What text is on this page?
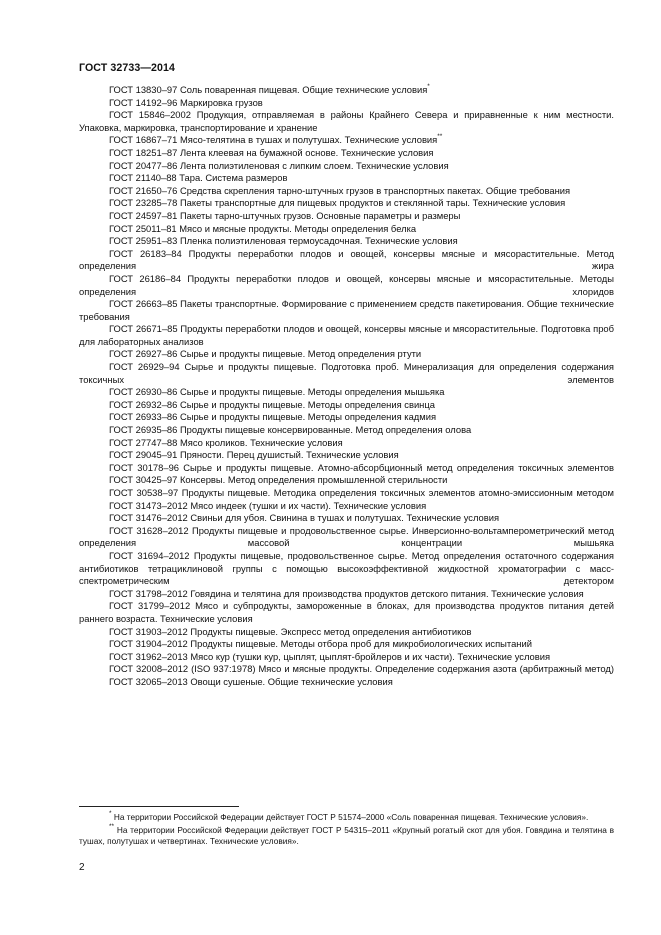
ГОСТ 32733—2014
ГОСТ 13830–97 Соль поваренная пищевая. Общие технические условия*
ГОСТ 14192–96 Маркировка грузов
ГОСТ 15846–2002 Продукция, отправляемая в районы Крайнего Севера и приравненные к ним местности. Упаковка, маркировка, транспортирование и хранение
ГОСТ 16867–71 Мясо-телятина в тушах и полутушах. Технические условия**
ГОСТ 18251–87 Лента клеевая на бумажной основе. Технические условия
ГОСТ 20477–86 Лента полиэтиленовая с липким слоем. Технические условия
ГОСТ 21140–88 Тара. Система размеров
ГОСТ 21650–76 Средства скрепления тарно-штучных грузов в транспортных пакетах. Общие требования
ГОСТ 23285–78 Пакеты транспортные для пищевых продуктов и стеклянной тары. Технические условия
ГОСТ 24597–81 Пакеты тарно-штучных грузов. Основные параметры и размеры
ГОСТ 25011–81 Мясо и мясные продукты. Методы определения белка
ГОСТ 25951–83 Пленка полиэтиленовая термоусадочная. Технические условия
ГОСТ 26183–84 Продукты переработки плодов и овощей, консервы мясные и мясорастительные. Метод определения жира
ГОСТ 26186–84 Продукты переработки плодов и овощей, консервы мясные и мясорастительные. Методы определения хлоридов
ГОСТ 26663–85 Пакеты транспортные. Формирование с применением средств пакетирования. Общие технические требования
ГОСТ 26671–85 Продукты переработки плодов и овощей, консервы мясные и мясорастительные. Подготовка проб для лабораторных анализов
ГОСТ 26927–86 Сырье и продукты пищевые. Метод определения ртути
ГОСТ 26929–94 Сырье и продукты пищевые. Подготовка проб. Минерализация для определения содержания токсичных элементов
ГОСТ 26930–86 Сырье и продукты пищевые. Методы определения мышьяка
ГОСТ 26932–86 Сырье и продукты пищевые. Методы определения свинца
ГОСТ 26933–86 Сырье и продукты пищевые. Методы определения кадмия
ГОСТ 26935–86 Продукты пищевые консервированные. Метод определения олова
ГОСТ 27747–88 Мясо кроликов. Технические условия
ГОСТ 29045–91 Пряности. Перец душистый. Технические условия
ГОСТ 30178–96 Сырье и продукты пищевые. Атомно-абсорбционный метод определения токсичных элементов
ГОСТ 30425–97 Консервы. Метод определения промышленной стерильности
ГОСТ 30538–97 Продукты пищевые. Методика определения токсичных элементов атомно-эмиссионным методом
ГОСТ 31473–2012 Мясо индеек (тушки и их части). Технические условия
ГОСТ 31476–2012 Свиньи для убоя. Свинина в тушах и полутушах. Технические условия
ГОСТ 31628–2012 Продукты пищевые и продовольственное сырье. Инверсионно-вольтамперометрический метод определения массовой концентрации мышьяка
ГОСТ 31694–2012 Продукты пищевые, продовольственное сырье. Метод определения остаточного содержания антибиотиков тетрациклиновой группы с помощью высокоэффективной жидкостной хроматографии с масс-спектрометрическим детектором
ГОСТ 31798–2012 Говядина и телятина для производства продуктов детского питания. Технические условия
ГОСТ 31799–2012 Мясо и субпродукты, замороженные в блоках, для производства продуктов питания детей раннего возраста. Технические условия
ГОСТ 31903–2012 Продукты пищевые. Экспресс метод определения антибиотиков
ГОСТ 31904–2012 Продукты пищевые. Методы отбора проб для микробиологических испытаний
ГОСТ 31962–2013 Мясо кур (тушки кур, цыплят, цыплят-бройлеров и их части). Технические условия
ГОСТ 32008–2012 (ISO 937:1978) Мясо и мясные продукты. Определение содержания азота (арбитражный метод)
ГОСТ 32065–2013 Овощи сушеные. Общие технические условия
* На территории Российской Федерации действует ГОСТ Р 51574–2000 «Соль поваренная пищевая. Технические условия».
** На территории Российской Федерации действует ГОСТ Р 54315–2011 «Крупный рогатый скот для убоя. Говядина и телятина в тушах, полутушах и четвертинах. Технические условия».
2
